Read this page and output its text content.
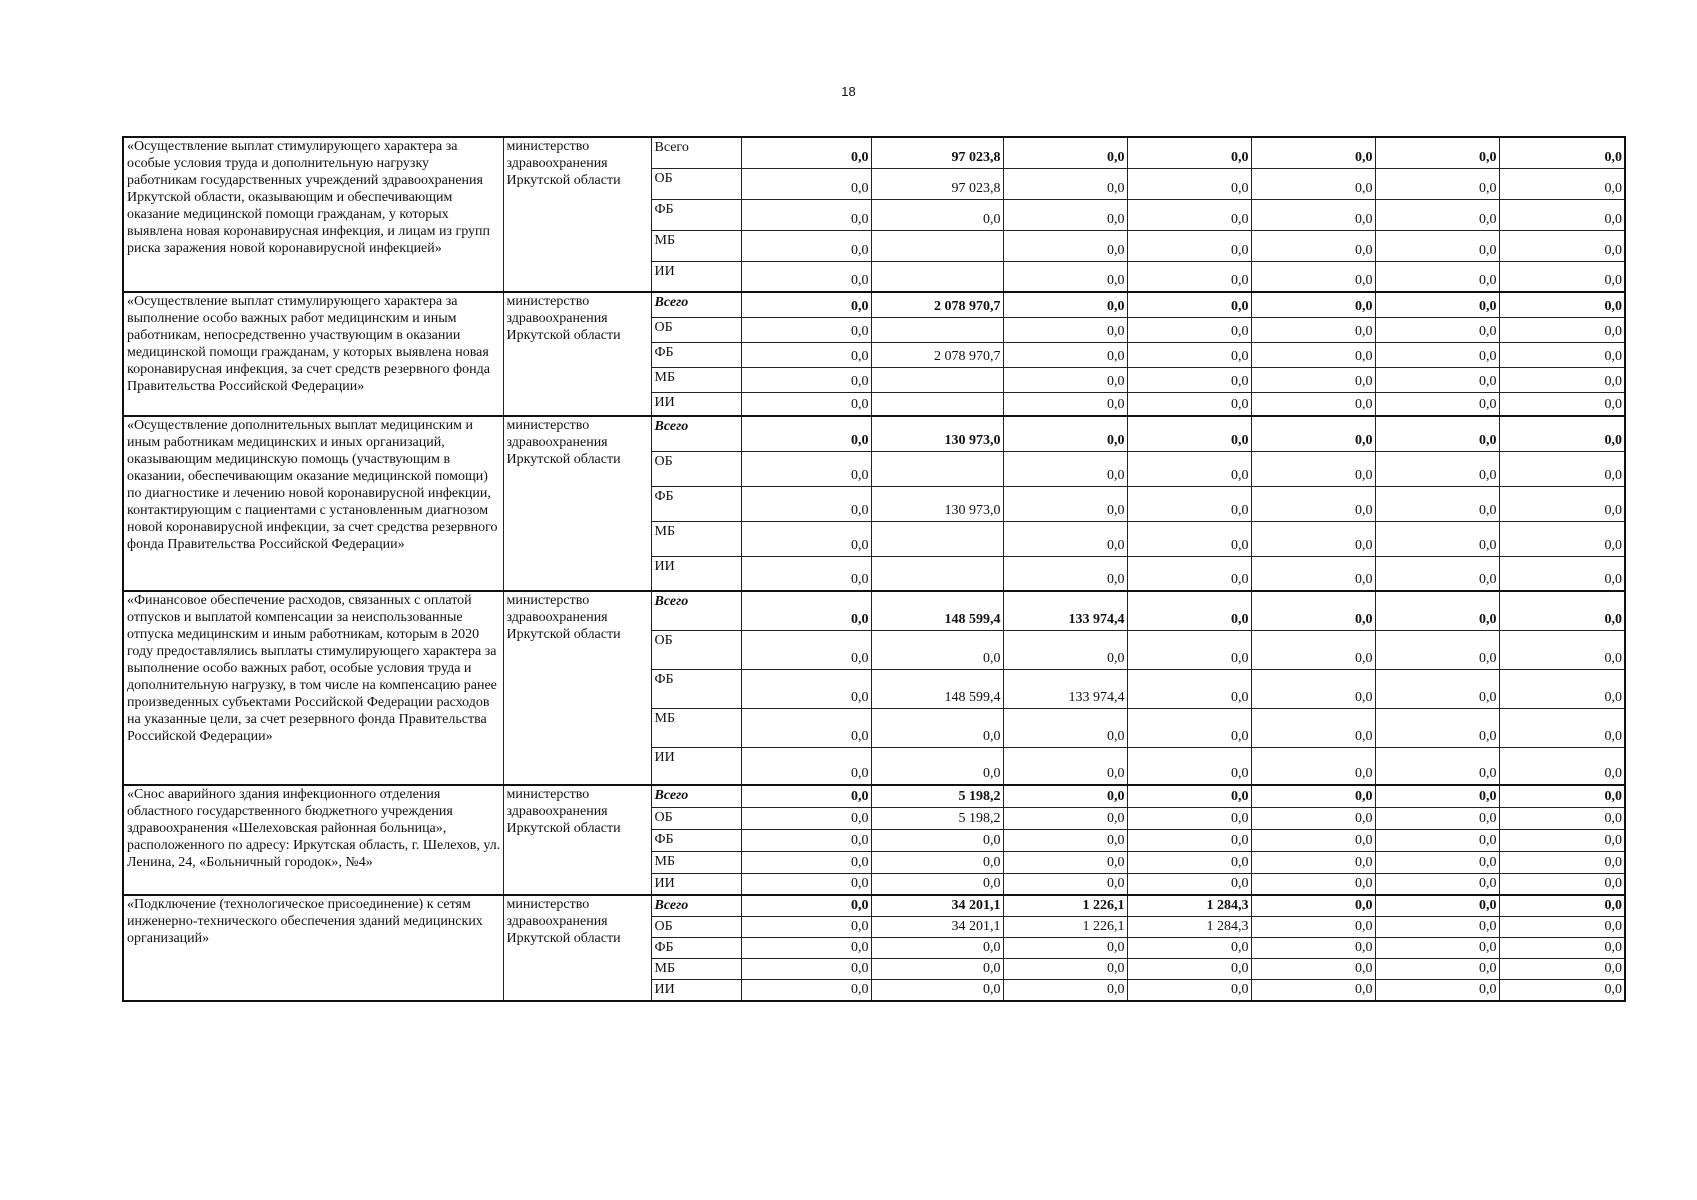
18
«Осуществление выплат стимулирующего характера за особые условия труда и дополнительную нагрузку работникам государственных учреждений здравоохранения Иркутской области, оказывающим и обеспечивающим оказание медицинской помощи гражданам, у которых выявлена новая коронавирусная инфекция, и лицам из групп риска заражения новой коронавирусной инфекцией»	министерство здравоохранения Иркутской области	Всего	0,0	97 023,8	0,0	0,0	0,0	0,0	0,0
		ОБ	0,0	97 023,8	0,0	0,0	0,0	0,0	0,0
		ФБ	0,0	0,0	0,0	0,0	0,0	0,0	0,0
		МБ	0,0		0,0	0,0	0,0	0,0	0,0
		ИИ	0,0		0,0	0,0	0,0	0,0	0,0
«Осуществление выплат стимулирующего характера за выполнение особо важных работ медицинским и иным работникам, непосредственно участвующим в оказании медицинской помощи гражданам, у которых выявлена новая коронавирусная инфекция, за счет средств резервного фонда Правительства Российской Федерации»	министерство здравоохранения Иркутской области	Всего	0,0	2 078 970,7	0,0	0,0	0,0	0,0	0,0
		ОБ	0,0		0,0	0,0	0,0	0,0	0,0
		ФБ	0,0	2 078 970,7	0,0	0,0	0,0	0,0	0,0
		МБ	0,0		0,0	0,0	0,0	0,0	0,0
		ИИ	0,0		0,0	0,0	0,0	0,0	0,0
«Осуществление дополнительных выплат медицинским и иным работникам медицинских и иных организаций, оказывающим медицинскую помощь (участвующим в оказании, обеспечивающим оказание медицинской помощи) по диагностике и лечению новой коронавирусной инфекции, контактирующим с пациентами с установленным диагнозом новой коронавирусной инфекции, за счет средства резервного фонда Правительства Российской Федерации»	министерство здравоохранения Иркутской области	Всего	0,0	130 973,0	0,0	0,0	0,0	0,0	0,0
		ОБ	0,0		0,0	0,0	0,0	0,0	0,0
		ФБ	0,0	130 973,0	0,0	0,0	0,0	0,0	0,0
		МБ	0,0		0,0	0,0	0,0	0,0	0,0
		ИИ	0,0		0,0	0,0	0,0	0,0	0,0
«Финансовое обеспечение расходов, связанных с оплатой отпусков и выплатой компенсации за неиспользованные отпуска медицинским и иным работникам, которым в 2020 году предоставлялись выплаты стимулирующего характера за выполнение особо важных работ, особые условия труда и дополнительную нагрузку, в том числе на компенсацию ранее произведенных субъектами Российской Федерации расходов на указанные цели, за счет резервного фонда Правительства Российской Федерации»	министерство здравоохранения Иркутской области	Всего	0,0	148 599,4	133 974,4	0,0	0,0	0,0	0,0
		ОБ	0,0	0,0	0,0	0,0	0,0	0,0	0,0
		ФБ	0,0	148 599,4	133 974,4	0,0	0,0	0,0	0,0
		МБ	0,0	0,0	0,0	0,0	0,0	0,0	0,0
		ИИ	0,0	0,0	0,0	0,0	0,0	0,0	0,0
«Снос аварийного здания инфекционного отделения областного государственного бюджетного учреждения здравоохранения «Шелеховская районная больница», расположенного по адресу: Иркутская область, г. Шелехов, ул. Ленина, 24, «Больничный городок», №4»	министерство здравоохранения Иркутской области	Всего	0,0	5 198,2	0,0	0,0	0,0	0,0	0,0
		ОБ	0,0	5 198,2	0,0	0,0	0,0	0,0	0,0
		ФБ	0,0	0,0	0,0	0,0	0,0	0,0	0,0
		МБ	0,0	0,0	0,0	0,0	0,0	0,0	0,0
		ИИ	0,0	0,0	0,0	0,0	0,0	0,0	0,0
«Подключение (технологическое присоединение) к сетям инженерно-технического обеспечения зданий медицинских организаций»	министерство здравоохранения Иркутской области	Всего	0,0	34 201,1	1 226,1	1 284,3	0,0	0,0	0,0
		ОБ	0,0	34 201,1	1 226,1	1 284,3	0,0	0,0	0,0
		ФБ	0,0	0,0	0,0	0,0	0,0	0,0	0,0
		МБ	0,0	0,0	0,0	0,0	0,0	0,0	0,0
		ИИ	0,0	0,0	0,0	0,0	0,0	0,0	0,0
